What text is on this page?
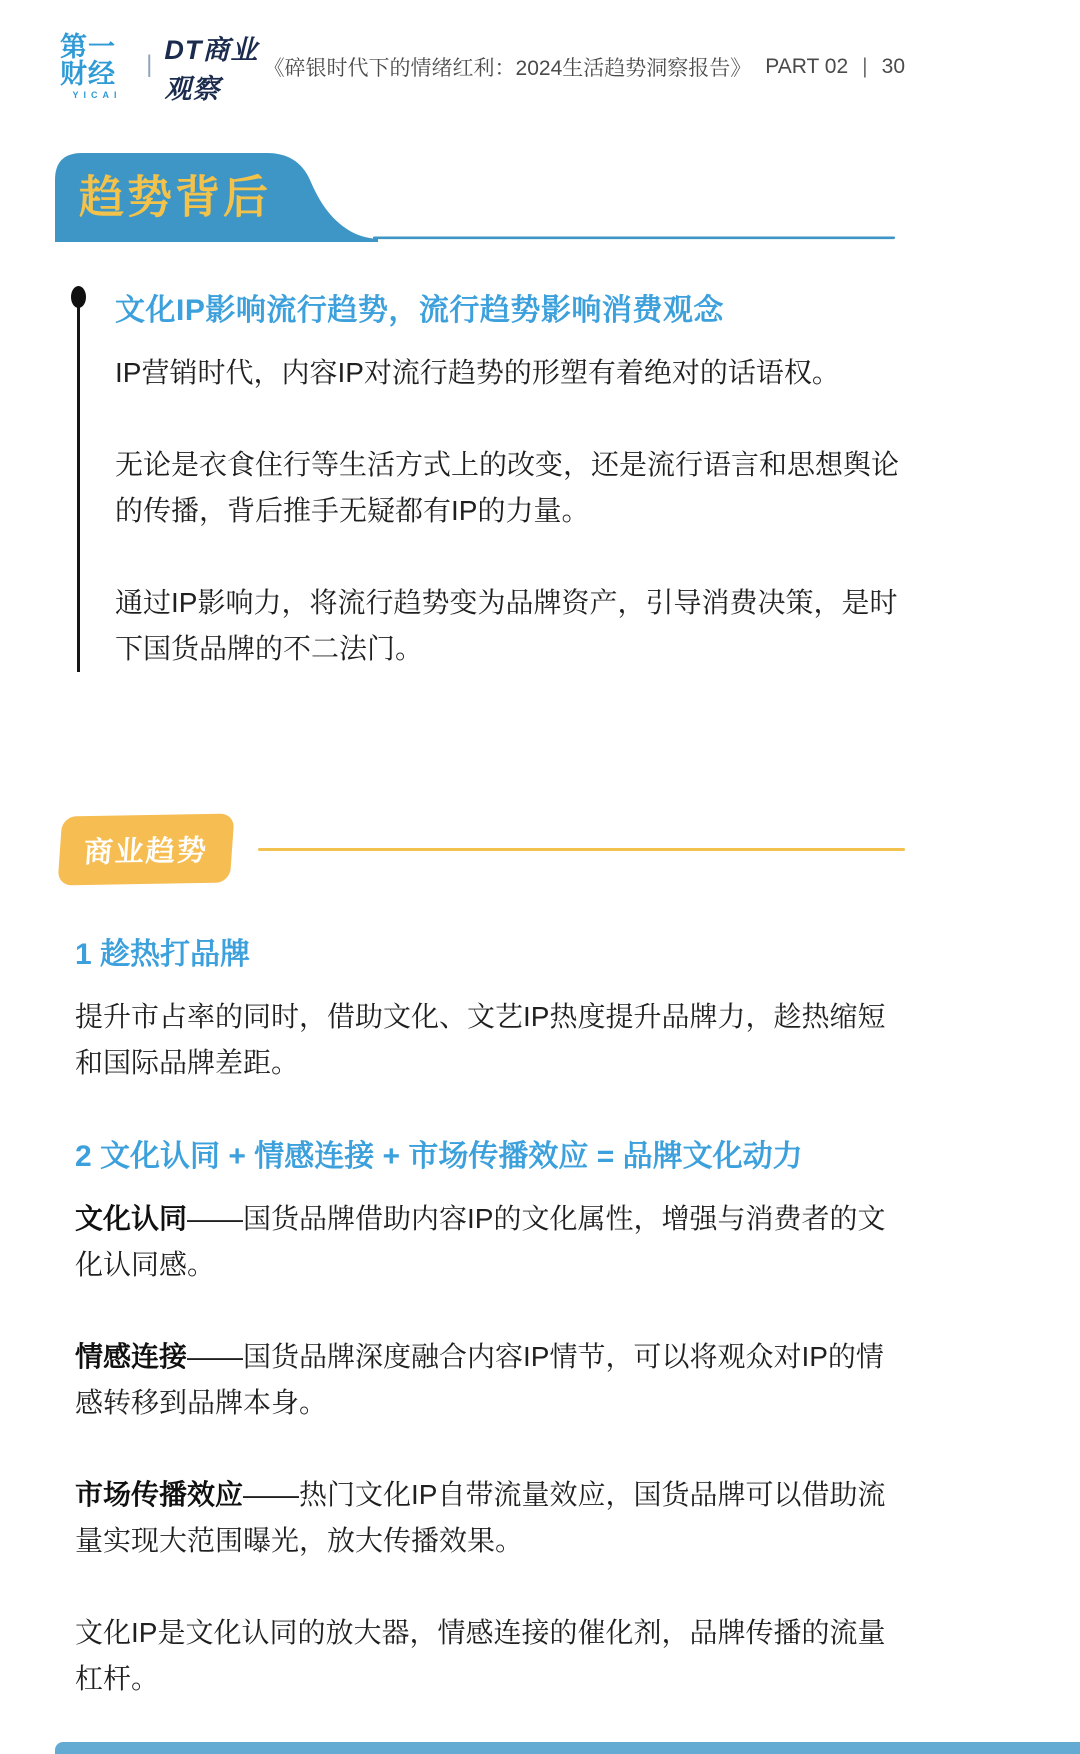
第一财经
YICAI
| DT商业观察
《碎银时代下的情绪红利：2024生活趋势洞察报告》 PART 02 | 30
趋势背后
文化IP影响流行趋势，流行趋势影响消费观念

IP营销时代，内容IP对流行趋势的形塑有着绝对的话语权。

无论是衣食住行等生活方式上的改变，还是流行语言和思想舆论的传播，背后推手无疑都有IP的力量。

通过IP影响力，将流行趋势变为品牌资产，引导消费决策，是时下国货品牌的不二法门。

商业趋势
1 趁热打品牌

提升市占率的同时，借助文化、文艺IP热度提升品牌力，趁热缩短和国际品牌差距。

2 文化认同 + 情感连接 + 市场传播效应 = 品牌文化动力

文化认同——国货品牌借助内容IP的文化属性，增强与消费者的文化认同感。

情感连接——国货品牌深度融合内容IP情节，可以将观众对IP的情感转移到品牌本身。

市场传播效应——热门文化IP自带流量效应，国货品牌可以借助流量实现大范围曝光，放大传播效果。

文化IP是文化认同的放大器，情感连接的催化剂，品牌传播的流量杠杆。
